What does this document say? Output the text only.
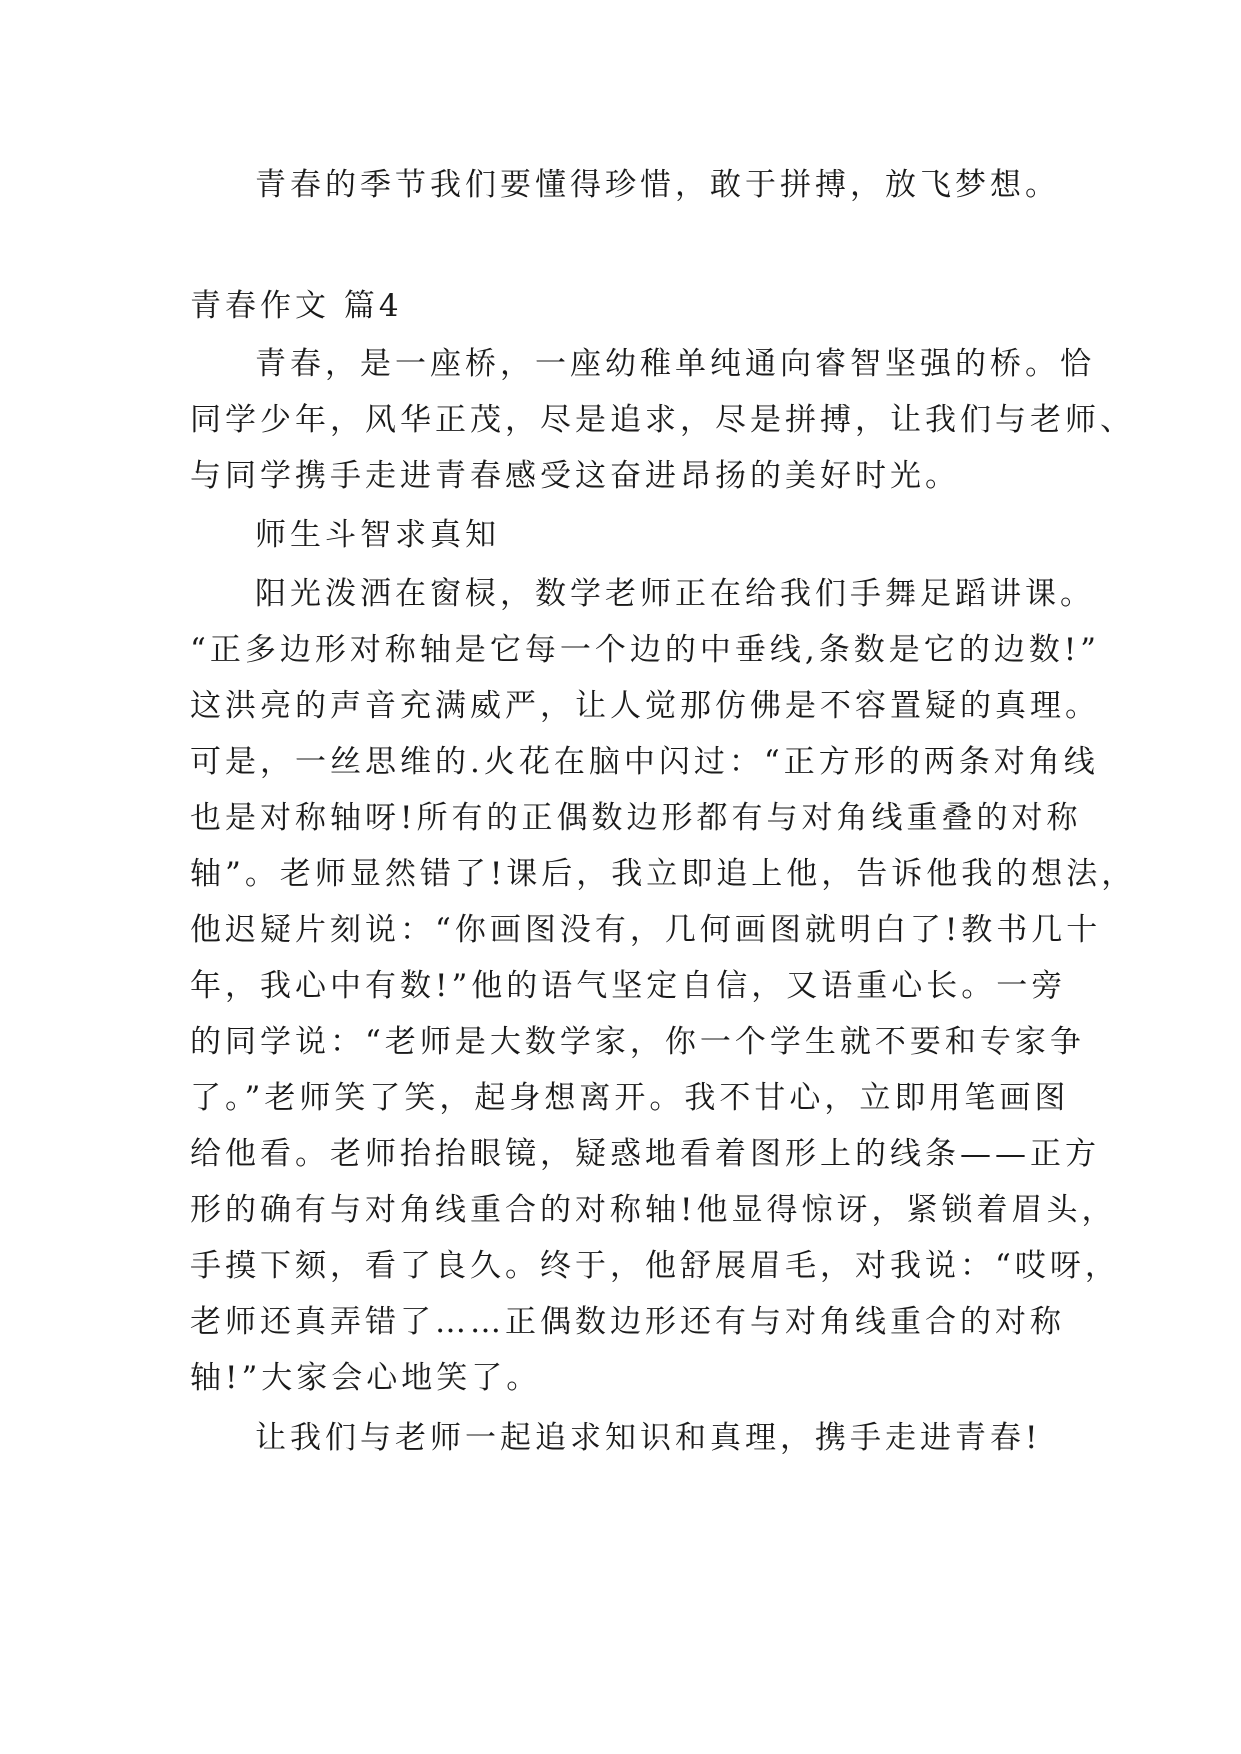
青春的季节我们要懂得珍惜，敢于拼搏，放飞梦想。
青春作文 篇4
青春，是一座桥，一座幼稚单纯通向睿智坚强的桥。恰
同学少年，风华正茂，尽是追求，尽是拼搏，让我们与老师、
与同学携手走进青春感受这奋进昂扬的美好时光。
师生斗智求真知
阳光泼洒在窗棂，数学老师正在给我们手舞足蹈讲课。
“正多边形对称轴是它每一个边的中垂线,条数是它的边数!”
这洪亮的声音充满威严，让人觉那仿佛是不容置疑的真理。
可是，一丝思维的.火花在脑中闪过：“正方形的两条对角线
也是对称轴呀!所有的正偶数边形都有与对角线重叠的对称
轴”。老师显然错了!课后，我立即追上他，告诉他我的想法，
他迟疑片刻说：“你画图没有，几何画图就明白了!教书几十
年，我心中有数!”他的语气坚定自信，又语重心长。一旁
的同学说：“老师是大数学家，你一个学生就不要和专家争
了。”老师笑了笑，起身想离开。我不甘心，立即用笔画图
给他看。老师抬抬眼镜，疑惑地看着图形上的线条——正方
形的确有与对角线重合的对称轴!他显得惊讶，紧锁着眉头，
手摸下颏，看了良久。终于，他舒展眉毛，对我说：“哎呀，
老师还真弄错了……正偶数边形还有与对角线重合的对称
轴!”大家会心地笑了。
让我们与老师一起追求知识和真理，携手走进青春!
